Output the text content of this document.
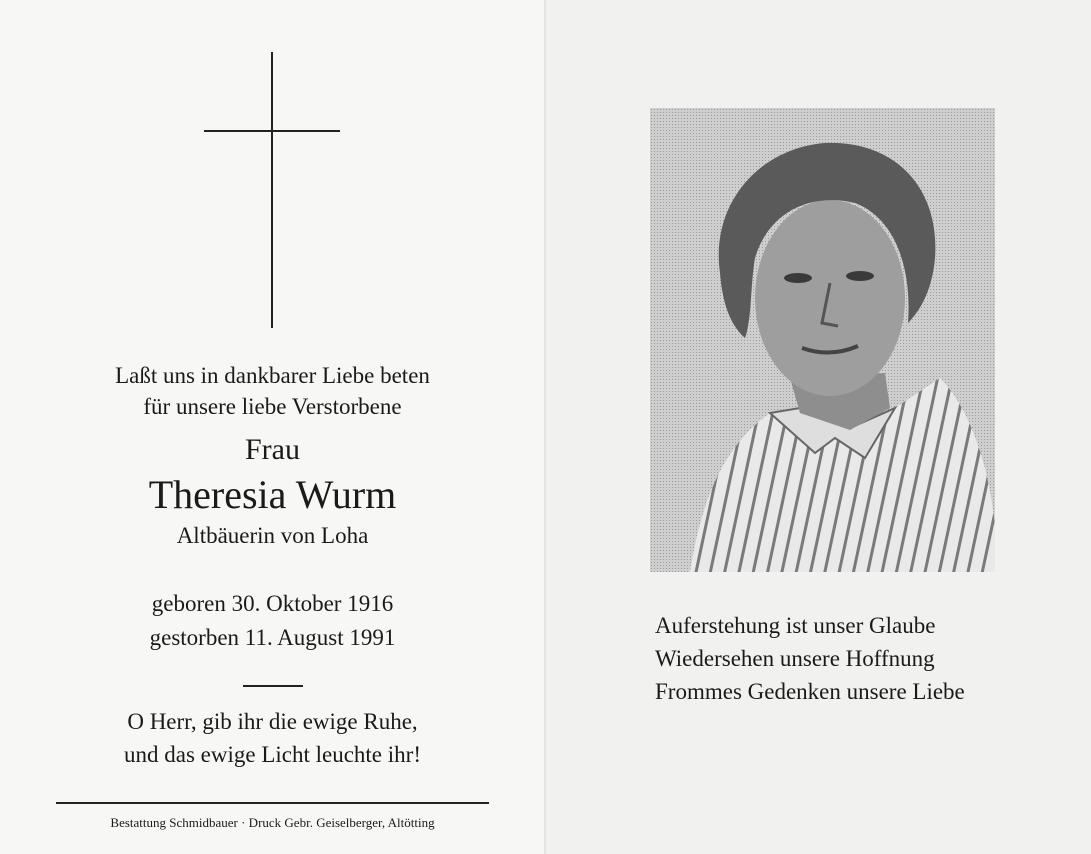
Laßt uns in dankbarer Liebe beten
für unsere liebe Verstorbene
Frau
Theresia Wurm
Altbäuerin von Loha
geboren 30. Oktober 1916
gestorben 11. August 1991
O Herr, gib ihr die ewige Ruhe,
und das ewige Licht leuchte ihr!
Bestattung Schmidbauer · Druck Gebr. Geiselberger, Altötting
Auferstehung ist unser Glaube
Wiedersehen unsere Hoffnung
Frommes Gedenken unsere Liebe
